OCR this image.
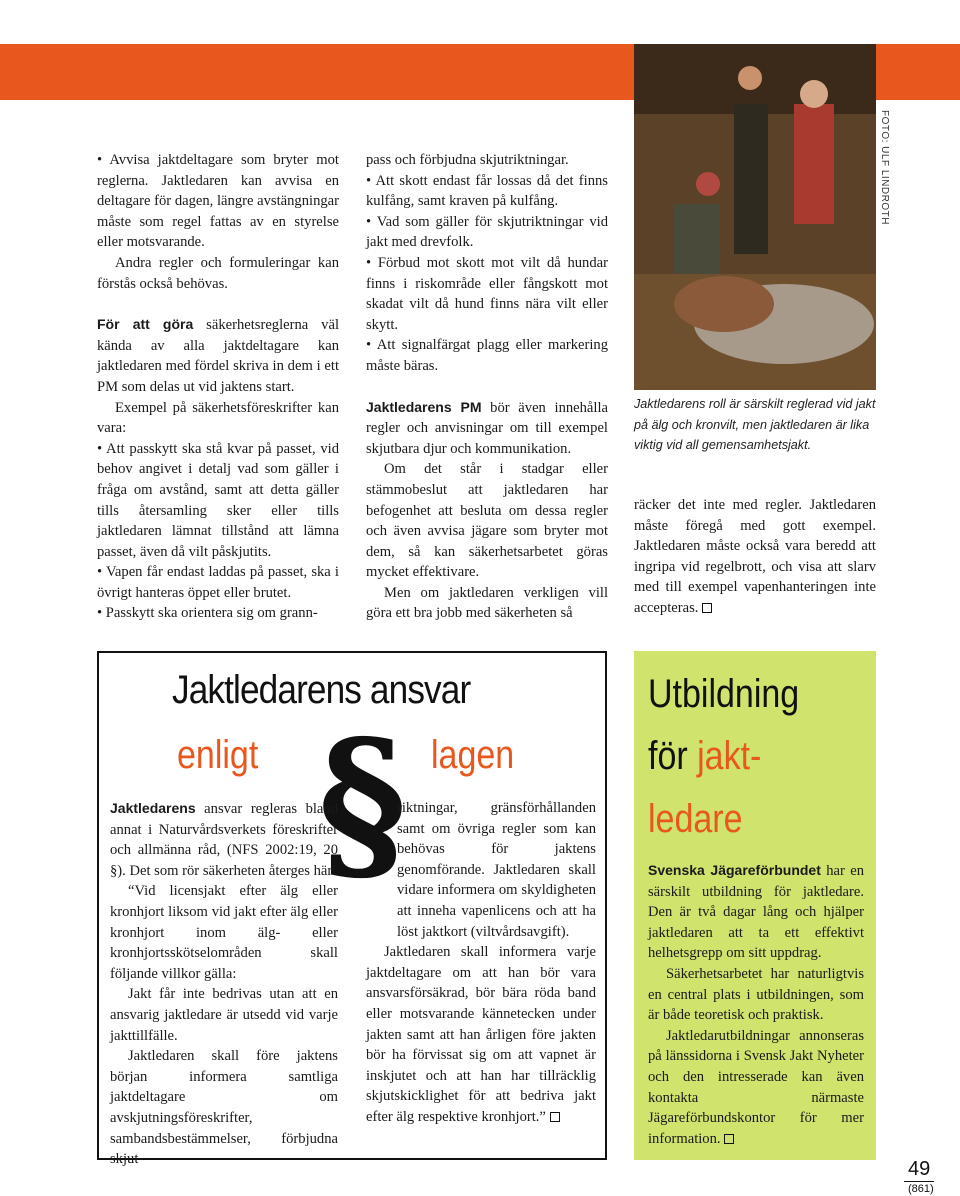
FOTO: ULF LINDROTH
Jaktledarens roll är särskilt reglerad vid jakt på älg och kronvilt, men jaktledaren är lika viktig vid all gemensamhetsjakt.

• Avvisa jaktdeltagare som bryter mot reglerna. Jaktledaren kan avvisa en deltagare för dagen, längre avstängningar måste som regel fattas av en styrelse eller motsvarande.

Andra regler och formuleringar kan förstås också behövas.

För att göra säkerhetsreglerna väl kända av alla jaktdeltagare kan jaktledaren med fördel skriva in dem i ett PM som delas ut vid jaktens start.

Exempel på säkerhetsföreskrifter kan vara:

• Att passkytt ska stå kvar på passet, vid behov angivet i detalj vad som gäller i fråga om avstånd, samt att detta gäller tills återsamling sker eller tills jaktledaren lämnat tillstånd att lämna passet, även då vilt påskjutits.

• Vapen får endast laddas på passet, ska i övrigt hanteras öppet eller brutet.

• Passkytt ska orientera sig om grann-

pass och förbjudna skjutriktningar.

• Att skott endast får lossas då det finns kulfång, samt kraven på kulfång.

• Vad som gäller för skjutriktningar vid jakt med drevfolk.

• Förbud mot skott mot vilt då hundar finns i riskområde eller fångskott mot skadat vilt då hund finns nära vilt eller skytt.

• Att signalfärgat plagg eller markering måste bäras.

Jaktledarens PM bör även innehålla regler och anvisningar om till exempel skjutbara djur och kommunikation.

Om det står i stadgar eller stämmobeslut att jaktledaren har befogenhet att besluta om dessa regler och även avvisa jägare som bryter mot dem, så kan säkerhetsarbetet göras mycket effektivare.

Men om jaktledaren verkligen vill göra ett bra jobb med säkerheten så

räcker det inte med regler. Jaktledaren måste föregå med gott exempel. Jaktledaren måste också vara beredd att ingripa vid regelbrott, och visa att slarv med till exempel vapenhanteringen inte accepteras.

Jaktledarens ansvar
enligt	lagen
§

Jaktledarens ansvar regleras bland annat i Naturvårdsverkets föreskrifter och allmänna råd, (NFS 2002:19, 20 §). Det som rör säkerheten återges här:

“Vid licensjakt efter älg eller kronhjort liksom vid jakt efter älg eller kronhjort inom älg- eller kronhjortsskötselområden skall följande villkor gälla:

Jakt får inte bedrivas utan att en ansvarig jaktledare är utsedd vid varje jakttillfälle.

Jaktledaren skall före jaktens början informera samtliga jaktdeltagare om avskjutningsföreskrifter, sambandsbestämmelser, förbjudna skjut-

riktningar, gränsförhållanden samt om övriga regler som kan behövas för jaktens genomförande. Jaktledaren skall vidare informera om skyldigheten att inneha vapenlicens och att ha löst jaktkort (viltvårdsavgift).

Jaktledaren skall informera varje jaktdeltagare om att han bör vara ansvarsförsäkrad, bör bära röda band eller motsvarande kännetecken under jakten samt att han årligen före jakten bör ha förvissat sig om att vapnet är inskjutet och att han har tillräcklig skjutskicklighet för att bedriva jakt efter älg respektive kronhjort.”

Utbildning
för jakt-
ledare

Svenska Jägareförbundet har en särskilt utbildning för jaktledare. Den är två dagar lång och hjälper jaktledaren att ta ett effektivt helhetsgrepp om sitt uppdrag.

Säkerhetsarbetet har naturligtvis en central plats i utbildningen, som är både teoretisk och praktisk.

Jaktledarutbildningar annonseras på länssidorna i Svensk Jakt Nyheter och den intresserade kan även kontakta närmaste Jägareförbundskontor för mer information.

49
(861)
